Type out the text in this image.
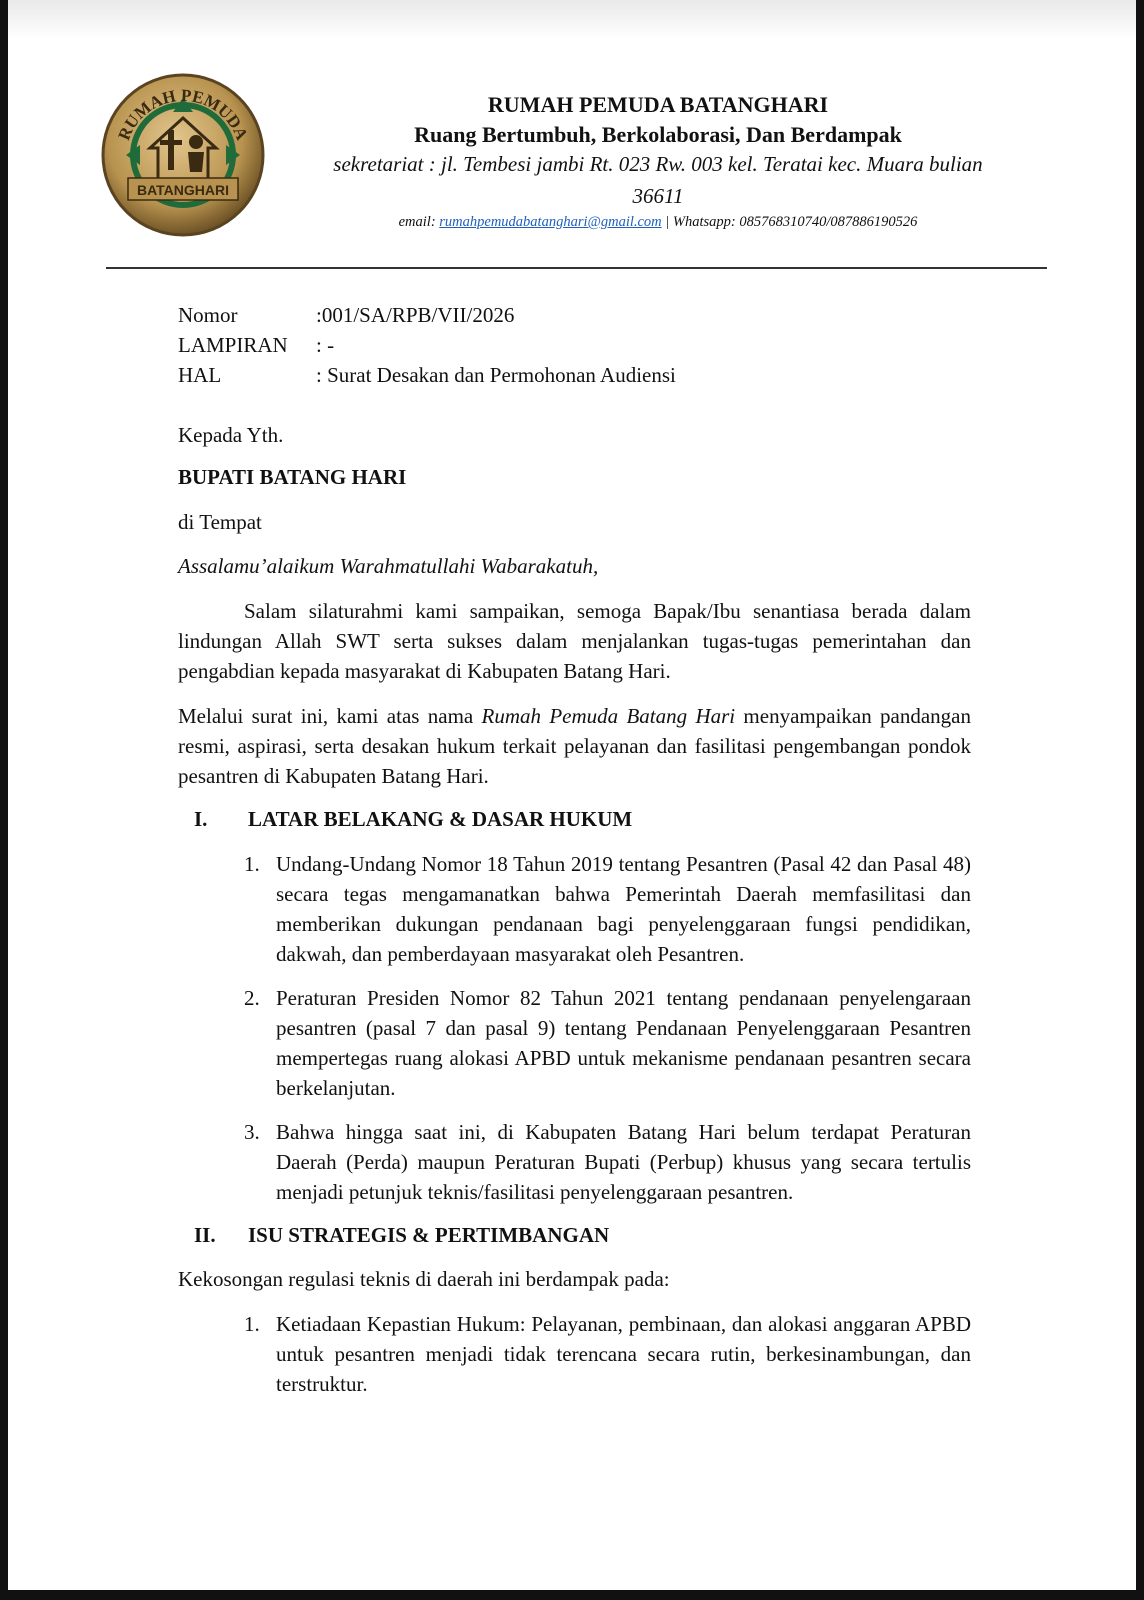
RUMAH PEMUDA
BATANGHARI
RUMAH PEMUDA BATANGHARI
Ruang Bertumbuh, Berkolaborasi, Dan Berdampak
sekretariat : jl. Tembesi jambi Rt. 023 Rw. 003 kel. Teratai kec. Muara bulian
36611
email: rumahpemudabatanghari@gmail.com | Whatsapp: 085768310740/087886190526
Nomor	:001/SA/RPB/VII/2026
LAMPIRAN : -
HAL	: Surat Desakan dan Permohonan Audiensi
Kepada Yth.
BUPATI BATANG HARI
di Tempat
Assalamu’alaikum Warahmatullahi Wabarakatuh,
Salam silaturahmi kami sampaikan, semoga Bapak/Ibu senantiasa berada dalam lindungan Allah SWT serta sukses dalam menjalankan tugas-tugas pemerintahan dan pengabdian kepada masyarakat di Kabupaten Batang Hari.
Melalui surat ini, kami atas nama Rumah Pemuda Batang Hari menyampaikan pandangan resmi, aspirasi, serta desakan hukum terkait pelayanan dan fasilitasi pengembangan pondok pesantren di Kabupaten Batang Hari.
I. LATAR BELAKANG & DASAR HUKUM
1. Undang-Undang Nomor 18 Tahun 2019 tentang Pesantren (Pasal 42 dan Pasal 48) secara tegas mengamanatkan bahwa Pemerintah Daerah memfasilitasi dan memberikan dukungan pendanaan bagi penyelenggaraan fungsi pendidikan, dakwah, dan pemberdayaan masyarakat oleh Pesantren.
2. Peraturan Presiden Nomor 82 Tahun 2021 tentang pendanaan penyelengaraan pesantren (pasal 7 dan pasal 9) tentang Pendanaan Penyelenggaraan Pesantren mempertegas ruang alokasi APBD untuk mekanisme pendanaan pesantren secara berkelanjutan.
3. Bahwa hingga saat ini, di Kabupaten Batang Hari belum terdapat Peraturan Daerah (Perda) maupun Peraturan Bupati (Perbup) khusus yang secara tertulis menjadi petunjuk teknis/fasilitasi penyelenggaraan pesantren.
II. ISU STRATEGIS & PERTIMBANGAN
Kekosongan regulasi teknis di daerah ini berdampak pada:
1. Ketiadaan Kepastian Hukum: Pelayanan, pembinaan, dan alokasi anggaran APBD untuk pesantren menjadi tidak terencana secara rutin, berkesinambungan, dan terstruktur.
